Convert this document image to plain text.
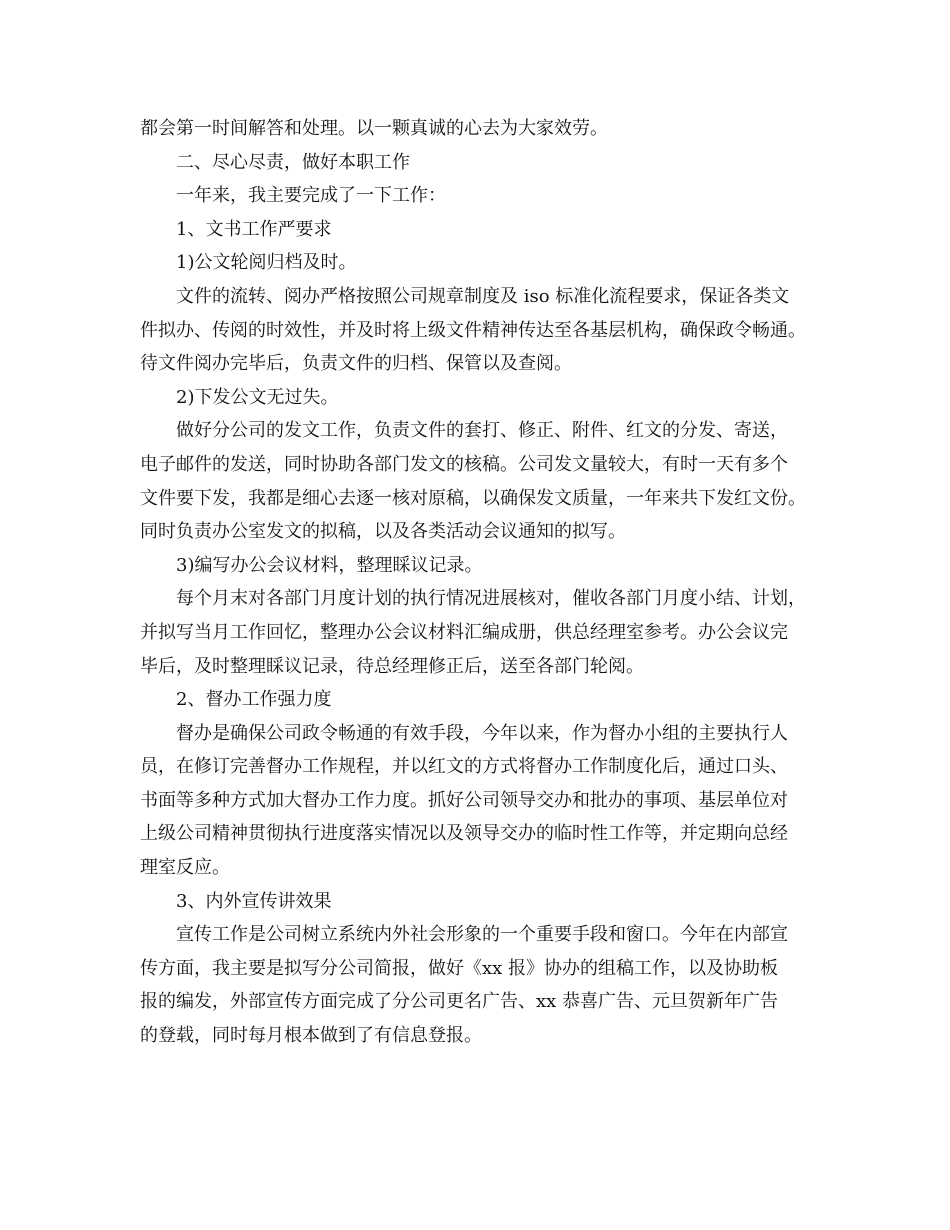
都会第一时间解答和处理。以一颗真诚的心去为大家效劳。
二、尽心尽责，做好本职工作
一年来，我主要完成了一下工作：
1、文书工作严要求
1)公文轮阅归档及时。
文件的流转、阅办严格按照公司规章制度及 iso 标准化流程要求，保证各类文
件拟办、传阅的时效性，并及时将上级文件精神传达至各基层机构，确保政令畅通。
待文件阅办完毕后，负责文件的归档、保管以及查阅。
2)下发公文无过失。
做好分公司的发文工作，负责文件的套打、修正、附件、红文的分发、寄送，
电子邮件的发送，同时协助各部门发文的核稿。公司发文量较大，有时一天有多个
文件要下发，我都是细心去逐一核对原稿，以确保发文质量，一年来共下发红文份。
同时负责办公室发文的拟稿，以及各类活动会议通知的拟写。
3)编写办公会议材料，整理睬议记录。
每个月末对各部门月度计划的执行情况进展核对，催收各部门月度小结、计划，
并拟写当月工作回忆，整理办公会议材料汇编成册，供总经理室参考。办公会议完
毕后，及时整理睬议记录，待总经理修正后，送至各部门轮阅。
2、督办工作强力度
督办是确保公司政令畅通的有效手段，今年以来，作为督办小组的主要执行人
员，在修订完善督办工作规程，并以红文的方式将督办工作制度化后，通过口头、
书面等多种方式加大督办工作力度。抓好公司领导交办和批办的事项、基层单位对
上级公司精神贯彻执行进度落实情况以及领导交办的临时性工作等，并定期向总经
理室反应。
3、内外宣传讲效果
宣传工作是公司树立系统内外社会形象的一个重要手段和窗口。今年在内部宣
传方面，我主要是拟写分公司简报，做好《xx 报》协办的组稿工作，以及协助板
报的编发，外部宣传方面完成了分公司更名广告、xx 恭喜广告、元旦贺新年广告
的登载，同时每月根本做到了有信息登报。
